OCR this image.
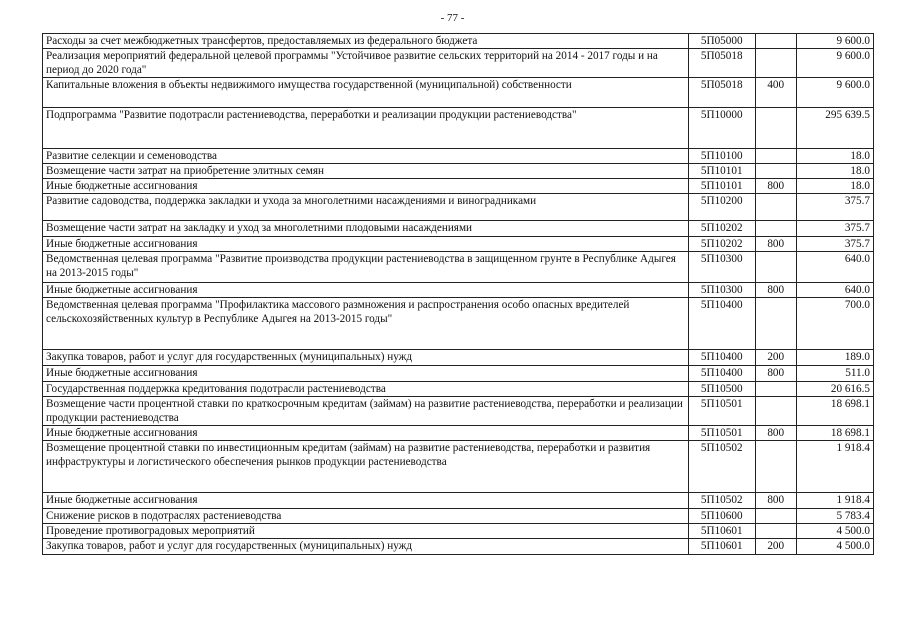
- 77 -
Расходы за счет межбюджетных трансфертов, предоставляемых из федерального бюджета	5П05000		9 600.0
Реализация мероприятий федеральной целевой программы "Устойчивое развитие сельских территорий на 2014 - 2017 годы и на период до 2020 года"	5П05018		9 600.0
Капитальные вложения в объекты недвижимого имущества государственной (муниципальной) собственности	5П05018	400	9 600.0
Подпрограмма "Развитие подотрасли растениеводства, переработки и реализации продукции растениеводства"	5П10000		295 639.5
Развитие селекции и семеноводства	5П10100		18.0
Возмещение части затрат на приобретение элитных семян	5П10101		18.0
Иные бюджетные ассигнования	5П10101	800	18.0
Развитие садоводства, поддержка закладки и ухода за многолетними насаждениями и виноградниками	5П10200		375.7
Возмещение части затрат на закладку и уход за многолетними плодовыми насаждениями	5П10202		375.7
Иные бюджетные ассигнования	5П10202	800	375.7
Ведомственная целевая программа "Развитие производства продукции растениеводства в защищенном грунте в Республике Адыгея на 2013-2015 годы"	5П10300		640.0
Иные бюджетные ассигнования	5П10300	800	640.0
Ведомственная целевая программа "Профилактика массового размножения и распространения особо опасных вредителей сельскохозяйственных культур в Республике Адыгея на 2013-2015 годы"	5П10400		700.0
Закупка товаров, работ и услуг для государственных (муниципальных) нужд	5П10400	200	189.0
Иные бюджетные ассигнования	5П10400	800	511.0
Государственная поддержка кредитования подотрасли растениеводства	5П10500		20 616.5
Возмещение части процентной ставки по краткосрочным кредитам (займам) на развитие растениеводства, переработки и реализации продукции растениеводства	5П10501		18 698.1
Иные бюджетные ассигнования	5П10501	800	18 698.1
Возмещение процентной ставки по инвестиционным кредитам (займам) на развитие растениеводства, переработки и развития инфраструктуры и логистического обеспечения рынков продукции растениеводства	5П10502		1 918.4
Иные бюджетные ассигнования	5П10502	800	1 918.4
Снижение рисков в подотраслях растениеводства	5П10600		5 783.4
Проведение противоградовых мероприятий	5П10601		4 500.0
Закупка товаров, работ и услуг для государственных (муниципальных) нужд	5П10601	200	4 500.0
